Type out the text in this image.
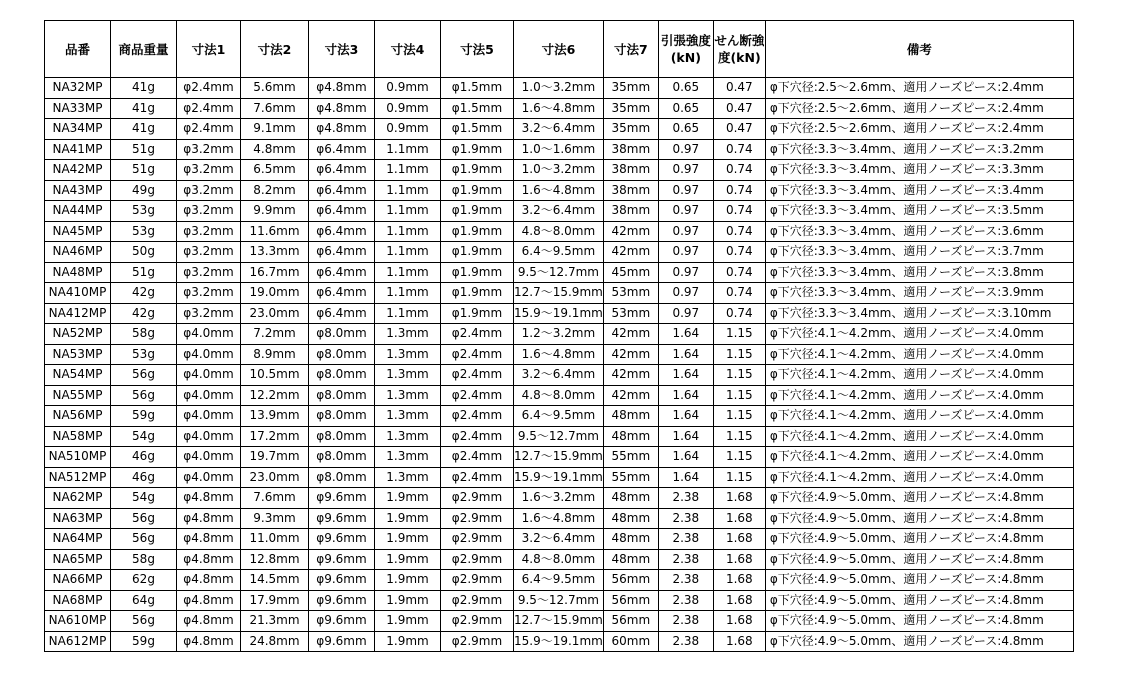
品番	商品重量	寸法1	寸法2	寸法3	寸法4	寸法5	寸法6	寸法7	引張強度(kN)	せん断強度(kN)	備考
NA32MP	41g	φ2.4mm	5.6mm	φ4.8mm	0.9mm	φ1.5mm	1.0～3.2mm	35mm	0.65	0.47	φ下穴径:2.5～2.6mm、適用ノーズピース:2.4mm
NA33MP	41g	φ2.4mm	7.6mm	φ4.8mm	0.9mm	φ1.5mm	1.6～4.8mm	35mm	0.65	0.47	φ下穴径:2.5～2.6mm、適用ノーズピース:2.4mm
NA34MP	41g	φ2.4mm	9.1mm	φ4.8mm	0.9mm	φ1.5mm	3.2～6.4mm	35mm	0.65	0.47	φ下穴径:2.5～2.6mm、適用ノーズピース:2.4mm
NA41MP	51g	φ3.2mm	4.8mm	φ6.4mm	1.1mm	φ1.9mm	1.0～1.6mm	38mm	0.97	0.74	φ下穴径:3.3～3.4mm、適用ノーズピース:3.2mm
NA42MP	51g	φ3.2mm	6.5mm	φ6.4mm	1.1mm	φ1.9mm	1.0～3.2mm	38mm	0.97	0.74	φ下穴径:3.3～3.4mm、適用ノーズピース:3.3mm
NA43MP	49g	φ3.2mm	8.2mm	φ6.4mm	1.1mm	φ1.9mm	1.6～4.8mm	38mm	0.97	0.74	φ下穴径:3.3～3.4mm、適用ノーズピース:3.4mm
NA44MP	53g	φ3.2mm	9.9mm	φ6.4mm	1.1mm	φ1.9mm	3.2～6.4mm	38mm	0.97	0.74	φ下穴径:3.3～3.4mm、適用ノーズピース:3.5mm
NA45MP	53g	φ3.2mm	11.6mm	φ6.4mm	1.1mm	φ1.9mm	4.8～8.0mm	42mm	0.97	0.74	φ下穴径:3.3～3.4mm、適用ノーズピース:3.6mm
NA46MP	50g	φ3.2mm	13.3mm	φ6.4mm	1.1mm	φ1.9mm	6.4～9.5mm	42mm	0.97	0.74	φ下穴径:3.3～3.4mm、適用ノーズピース:3.7mm
NA48MP	51g	φ3.2mm	16.7mm	φ6.4mm	1.1mm	φ1.9mm	9.5～12.7mm	45mm	0.97	0.74	φ下穴径:3.3～3.4mm、適用ノーズピース:3.8mm
NA410MP	42g	φ3.2mm	19.0mm	φ6.4mm	1.1mm	φ1.9mm	12.7～15.9mm	53mm	0.97	0.74	φ下穴径:3.3～3.4mm、適用ノーズピース:3.9mm
NA412MP	42g	φ3.2mm	23.0mm	φ6.4mm	1.1mm	φ1.9mm	15.9～19.1mm	53mm	0.97	0.74	φ下穴径:3.3～3.4mm、適用ノーズピース:3.10mm
NA52MP	58g	φ4.0mm	7.2mm	φ8.0mm	1.3mm	φ2.4mm	1.2～3.2mm	42mm	1.64	1.15	φ下穴径:4.1～4.2mm、適用ノーズピース:4.0mm
NA53MP	53g	φ4.0mm	8.9mm	φ8.0mm	1.3mm	φ2.4mm	1.6～4.8mm	42mm	1.64	1.15	φ下穴径:4.1～4.2mm、適用ノーズピース:4.0mm
NA54MP	56g	φ4.0mm	10.5mm	φ8.0mm	1.3mm	φ2.4mm	3.2～6.4mm	42mm	1.64	1.15	φ下穴径:4.1～4.2mm、適用ノーズピース:4.0mm
NA55MP	56g	φ4.0mm	12.2mm	φ8.0mm	1.3mm	φ2.4mm	4.8～8.0mm	42mm	1.64	1.15	φ下穴径:4.1～4.2mm、適用ノーズピース:4.0mm
NA56MP	59g	φ4.0mm	13.9mm	φ8.0mm	1.3mm	φ2.4mm	6.4～9.5mm	48mm	1.64	1.15	φ下穴径:4.1～4.2mm、適用ノーズピース:4.0mm
NA58MP	54g	φ4.0mm	17.2mm	φ8.0mm	1.3mm	φ2.4mm	9.5～12.7mm	48mm	1.64	1.15	φ下穴径:4.1～4.2mm、適用ノーズピース:4.0mm
NA510MP	46g	φ4.0mm	19.7mm	φ8.0mm	1.3mm	φ2.4mm	12.7～15.9mm	55mm	1.64	1.15	φ下穴径:4.1～4.2mm、適用ノーズピース:4.0mm
NA512MP	46g	φ4.0mm	23.0mm	φ8.0mm	1.3mm	φ2.4mm	15.9～19.1mm	55mm	1.64	1.15	φ下穴径:4.1～4.2mm、適用ノーズピース:4.0mm
NA62MP	54g	φ4.8mm	7.6mm	φ9.6mm	1.9mm	φ2.9mm	1.6～3.2mm	48mm	2.38	1.68	φ下穴径:4.9～5.0mm、適用ノーズピース:4.8mm
NA63MP	56g	φ4.8mm	9.3mm	φ9.6mm	1.9mm	φ2.9mm	1.6～4.8mm	48mm	2.38	1.68	φ下穴径:4.9～5.0mm、適用ノーズピース:4.8mm
NA64MP	56g	φ4.8mm	11.0mm	φ9.6mm	1.9mm	φ2.9mm	3.2～6.4mm	48mm	2.38	1.68	φ下穴径:4.9～5.0mm、適用ノーズピース:4.8mm
NA65MP	58g	φ4.8mm	12.8mm	φ9.6mm	1.9mm	φ2.9mm	4.8～8.0mm	48mm	2.38	1.68	φ下穴径:4.9～5.0mm、適用ノーズピース:4.8mm
NA66MP	62g	φ4.8mm	14.5mm	φ9.6mm	1.9mm	φ2.9mm	6.4～9.5mm	56mm	2.38	1.68	φ下穴径:4.9～5.0mm、適用ノーズピース:4.8mm
NA68MP	64g	φ4.8mm	17.9mm	φ9.6mm	1.9mm	φ2.9mm	9.5～12.7mm	56mm	2.38	1.68	φ下穴径:4.9～5.0mm、適用ノーズピース:4.8mm
NA610MP	56g	φ4.8mm	21.3mm	φ9.6mm	1.9mm	φ2.9mm	12.7～15.9mm	56mm	2.38	1.68	φ下穴径:4.9～5.0mm、適用ノーズピース:4.8mm
NA612MP	59g	φ4.8mm	24.8mm	φ9.6mm	1.9mm	φ2.9mm	15.9～19.1mm	60mm	2.38	1.68	φ下穴径:4.9～5.0mm、適用ノーズピース:4.8mm
